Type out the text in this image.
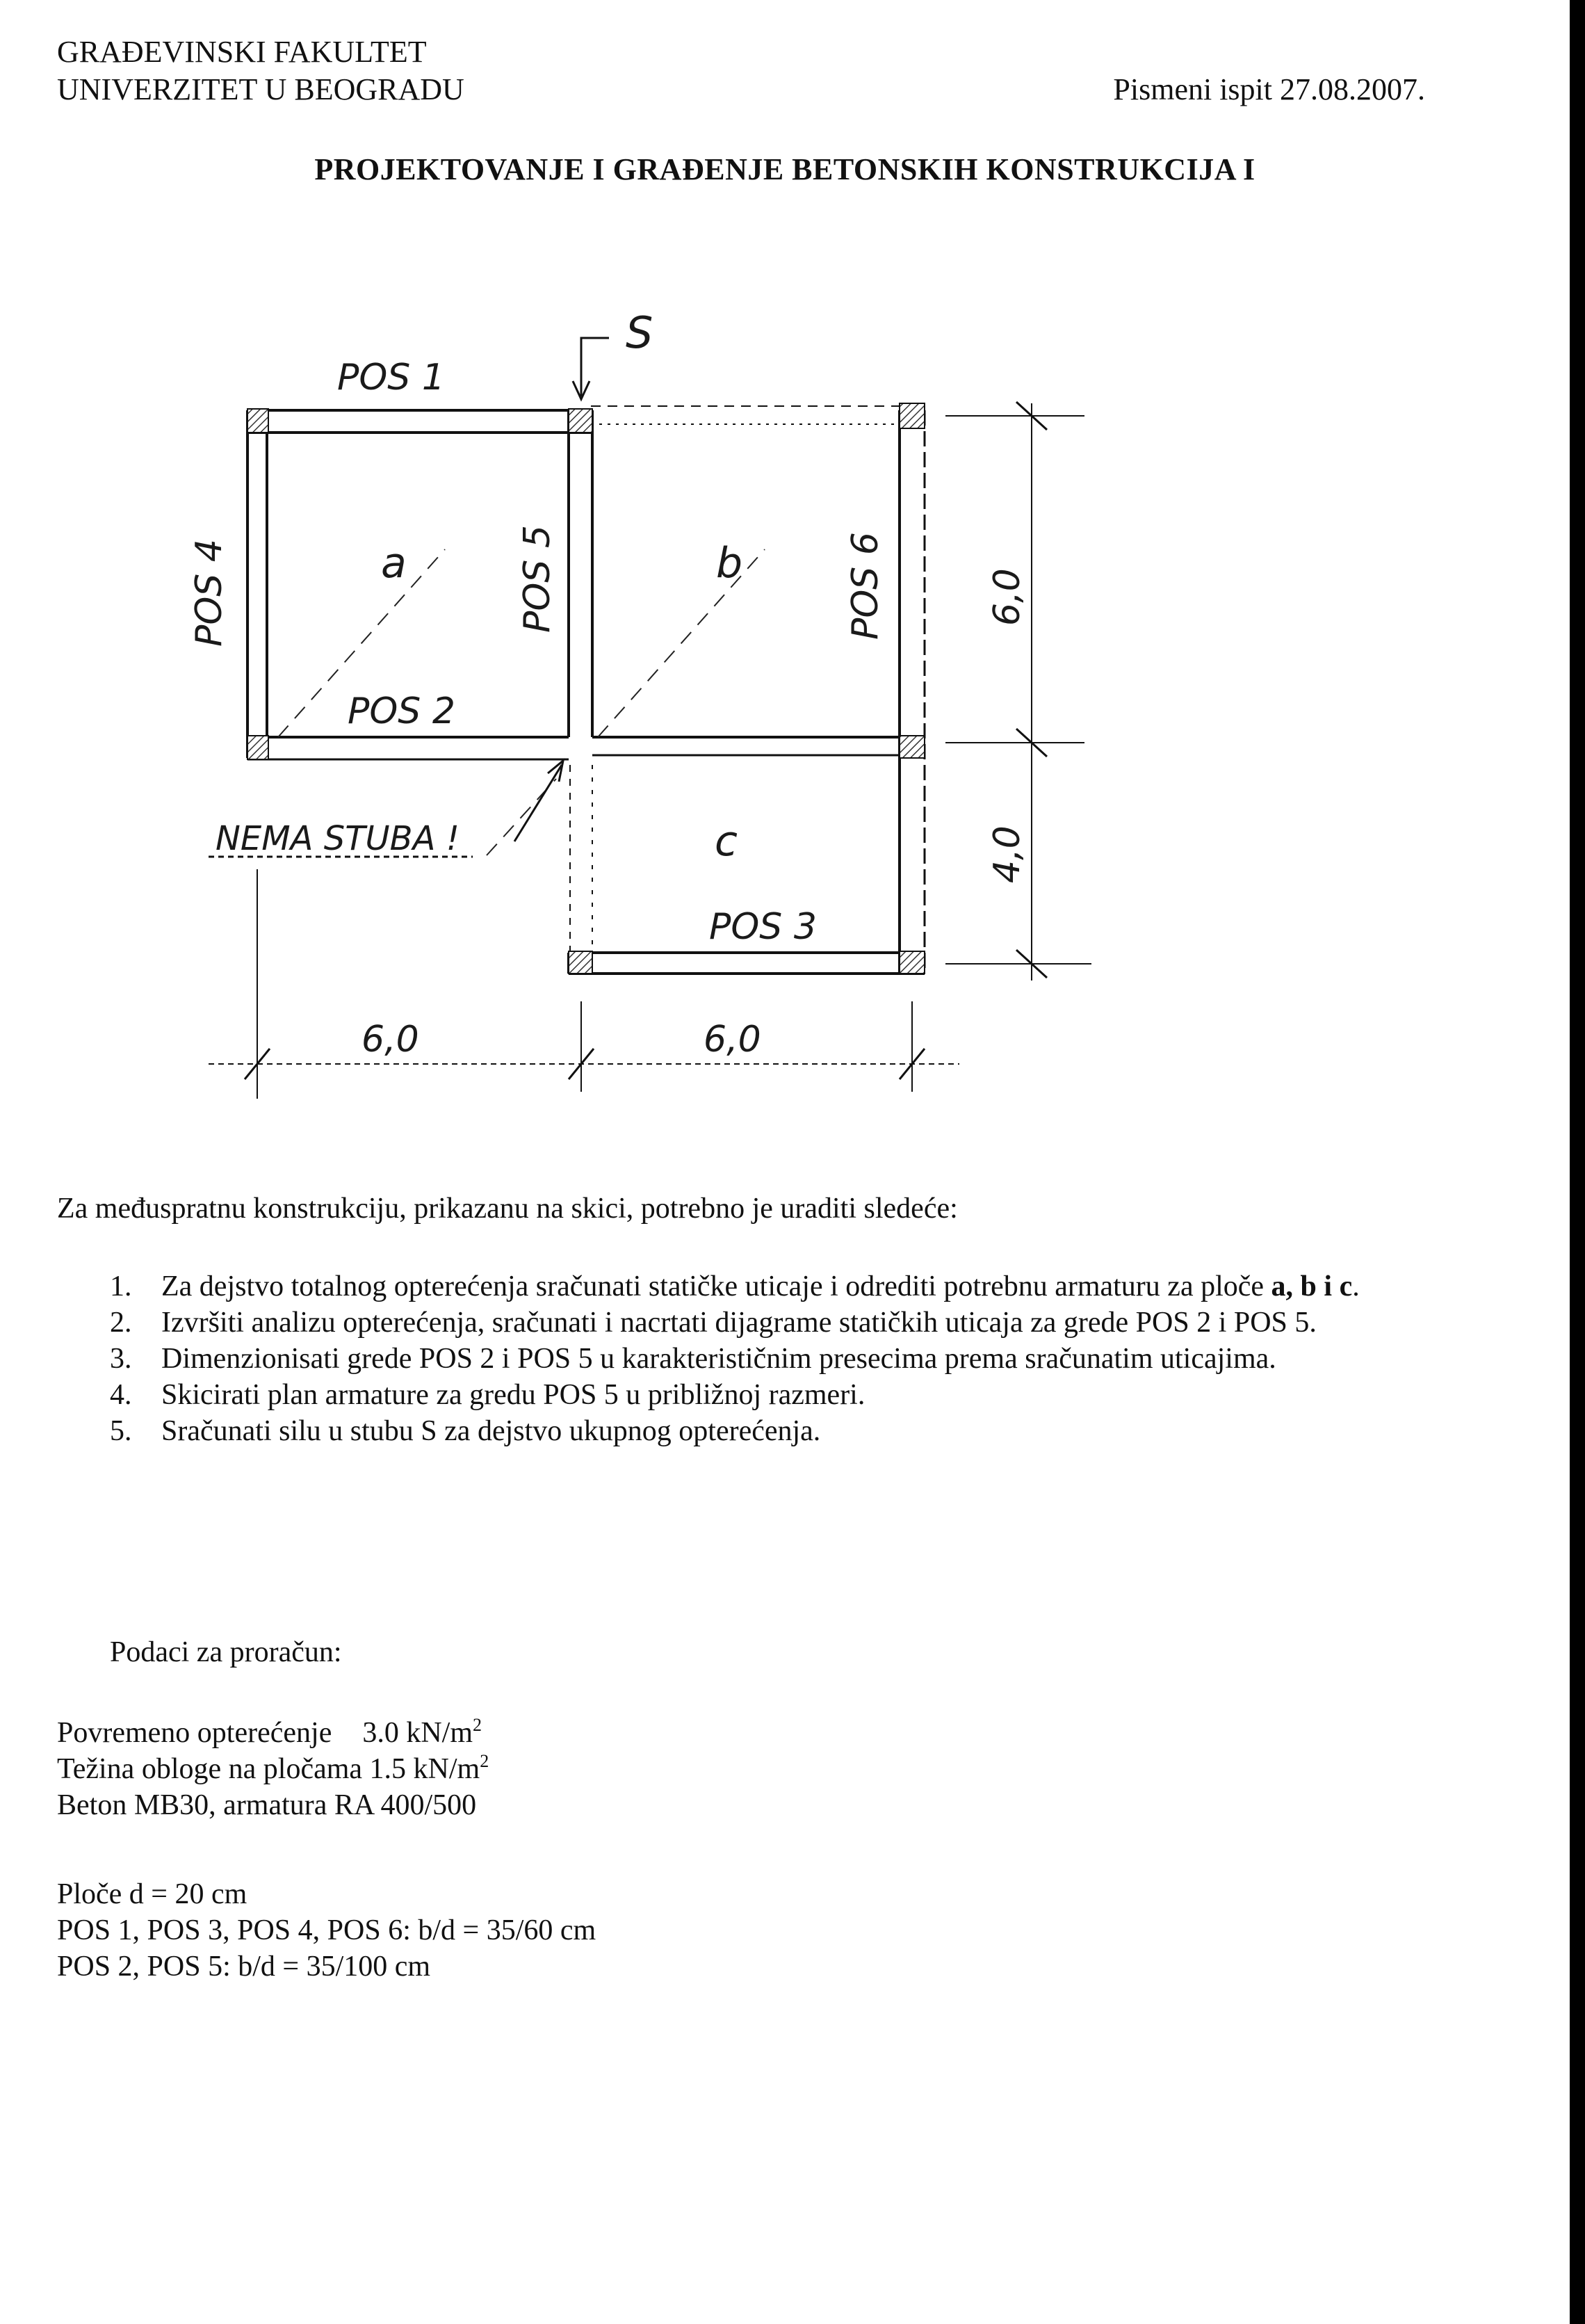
GRAĐEVINSKI FAKULTET
UNIVERZITET U BEOGRADU	Pismeni ispit 27.08.2007.
PROJEKTOVANJE I GRAĐENJE BETONSKIH KONSTRUKCIJA I
S
NEMA STUBA !
POS 1
POS 2
POS 3
POS 4	POS 5	POS 6
a	b
c
6,0	6,0
6,0
4,0
Za međuspratnu konstrukciju, prikazanu na skici, potrebno je uraditi sledeće:
1. Za dejstvo totalnog opterećenja sračunati statičke uticaje i odrediti potrebnu armaturu za ploče a, b i c.
2. Izvršiti analizu opterećenja, sračunati i nacrtati dijagrame statičkih uticaja za grede POS 2 i POS 5.
3. Dimenzionisati grede POS 2 i POS 5 u karakterističnim presecima prema sračunatim uticajima.
4. Skicirati plan armature za gredu POS 5 u približnoj razmeri.
5. Sračunati silu u stubu S za dejstvo ukupnog opterećenja.
Podaci za proračun:
Povremeno opterećenje 3.0 $kN/m^2$
Težina obloge na pločama 1.5 $kN/m^2$
Beton MB30, armatura RA 400/500
Ploče d = 20 cm
POS 1, POS 3, POS 4, POS 6: b/d = 35/60 cm
POS 2, POS 5: b/d = 35/100 cm
